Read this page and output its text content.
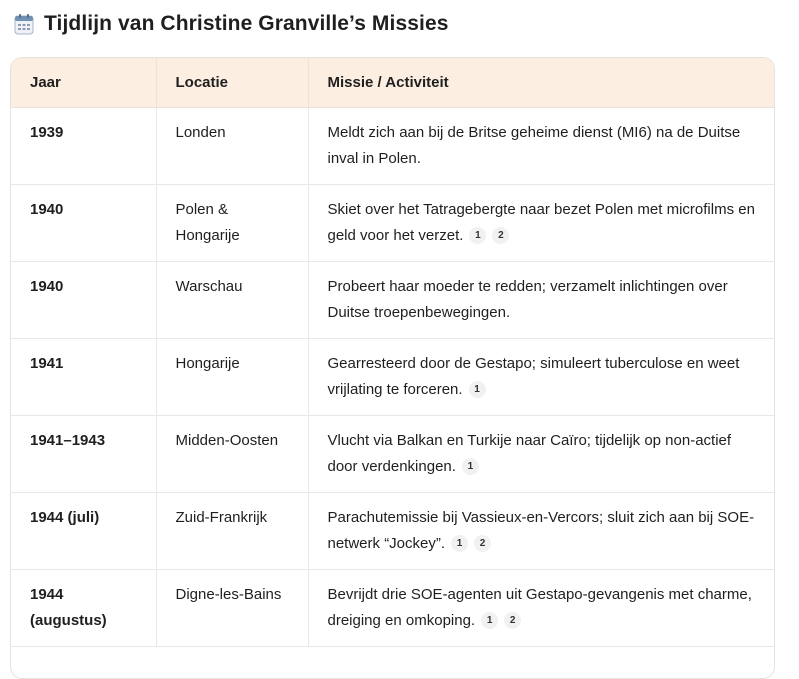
Tijdlijn van Christine Granville’s Missies
Jaar	Locatie	Missie / Activiteit
1939	Londen	Meldt zich aan bij de Britse geheime dienst (MI6) na de Duitse inval in Polen.
1940	Polen & Hongarije	Skiet over het Tatragebergte naar bezet Polen met microfilms en geld voor het verzet. 1 2
1940	Warschau	Probeert haar moeder te redden; verzamelt inlichtingen over Duitse troepenbewegingen.
1941	Hongarije	Gearresteerd door de Gestapo; simuleert tuberculose en weet vrijlating te forceren. 1
1941–1943	Midden-Oosten	Vlucht via Balkan en Turkije naar Caïro; tijdelijk op non-actief door verdenkingen. 1
1944 (juli)	Zuid-Frankrijk	Parachutemissie bij Vassieux-en-Vercors; sluit zich aan bij SOE-netwerk “Jockey”. 1 2
1944 (augustus)	Digne-les-Bains	Bevrijdt drie SOE-agenten uit Gestapo-gevangenis met charme, dreiging en omkoping. 1 2
